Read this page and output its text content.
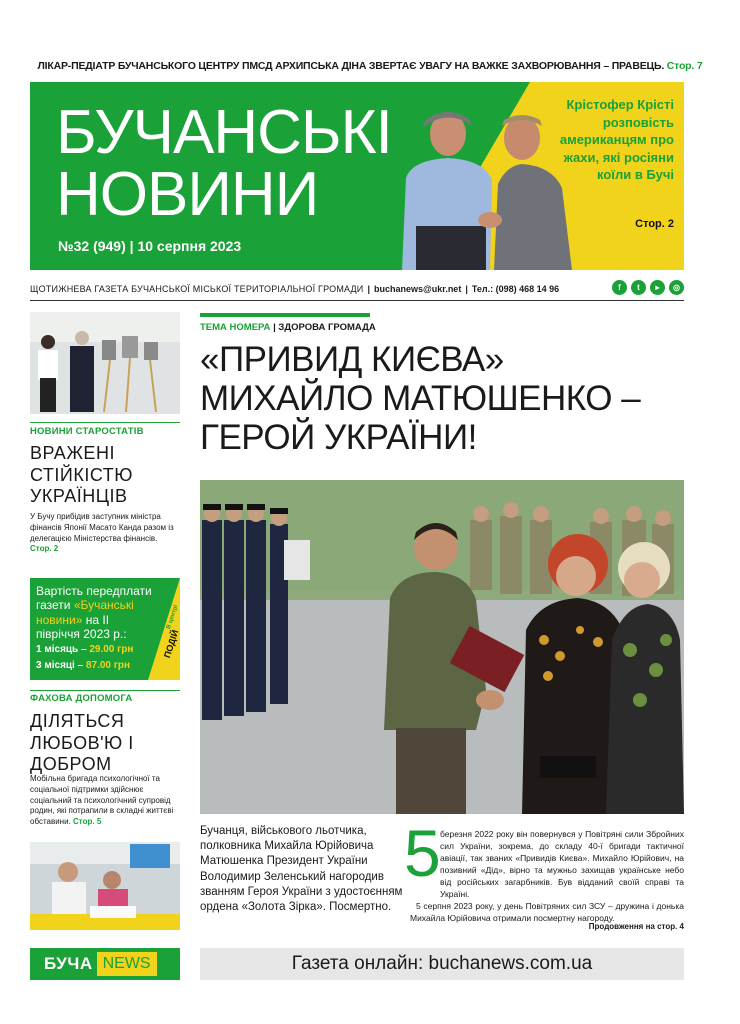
ЛІКАР-ПЕДІАТР БУЧАНСЬКОГО ЦЕНТРУ ПМСД АРХИПСЬКА ДІНА ЗВЕРТАЄ УВАГУ НА ВАЖКЕ ЗАХВОРЮВАННЯ – ПРАВЕЦЬ. Стор. 7
БУЧАНСЬКІ
НОВИНИ
№32 (949) | 10 серпня 2023
Крістофер Крісті розповість американцям про жахи, які росіяни коїли в Бучі
Стор. 2
ЩОТИЖНЕВА ГАЗЕТА БУЧАНСЬКОЇ МІСЬКОЇ ТЕРИТОРІАЛЬНОЇ ГРОМАДИ | buchanews@ukr.net | Тел.: (098) 468 14 96	f	t	▸	◎
НОВИНИ СТАРОСТАТІВ
ВРАЖЕНІ СТІЙКІСТЮ УКРАЇНЦІВ
У Бучу прибідив заступник міністра фінансів Японії Масато Канда разом із делегацією Міністерства фінансів. Стор. 2
Вартість передплати газети «Бучанські новини» на ІІ півріччя 2023 р.:
1 місяць – 29.00 грн
3 місяці – 87.00 грн
В центрі
ПОДІЙ
ФАХОВА ДОПОМОГА
ДІЛЯТЬСЯ ЛЮБОВ'Ю І ДОБРОМ
Мобільна бригада психологічної та соціальної підтримки здійснює соціальний та психологічний супровід родин, які потрапили в складні життєві обставини. Стор. 5
ТЕМА НОМЕРА | ЗДОРОВА ГРОМАДА
«ПРИВИД КИЄВА» МИХАЙЛО МАТЮШЕНКО – ГЕРОЙ УКРАЇНИ!
Бучанця, військового льотчика, полковника Михайла Юрійовича Матюшенка Президент України Володимир Зеленський нагородив званням Героя України з удостоєнням ордена «Золота Зірка». Посмертно.
5 березня 2022 року він повернувся у Повітряні сили Збройних сил України, зокрема, до складу 40-ї бригади тактичної авіації, так званих «Привидів Києва». Михайло Юрійович, на позивний «Дід», вірно та мужньо захищав українське небо від російських загарбників. Був відданий своїй справі та Україні.

5 серпня 2023 року, у день Повітряних сил ЗСУ – дружина і донька Михайла Юрійовича отримали посмертну нагороду.

Продовження на стор. 4
БУЧА NEWS	Газета онлайн: buchanews.com.ua
